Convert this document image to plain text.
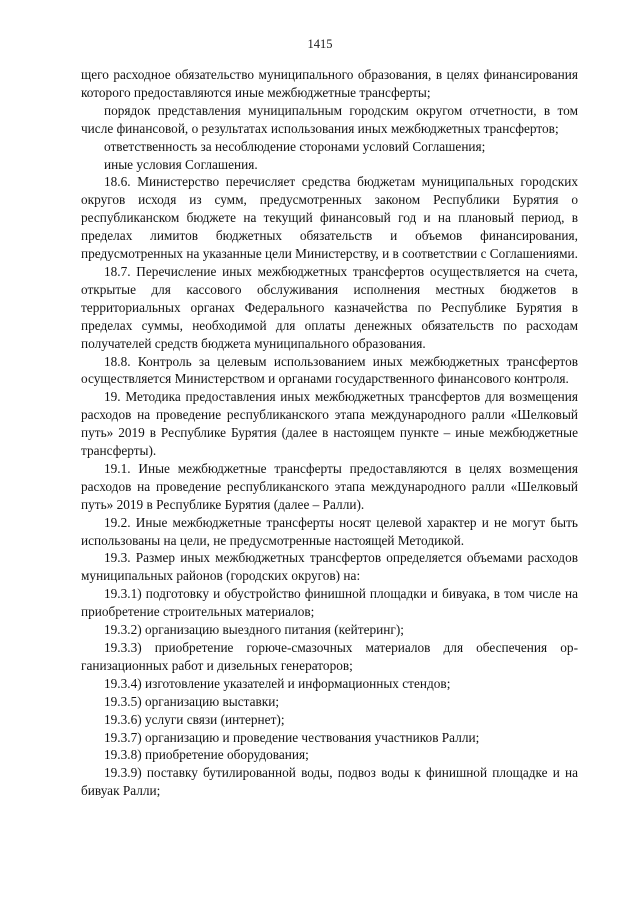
1415

щего расходное обязательство муниципального образования, в целях финансирования которого предоставляются иные межбюджетные трансферты;

порядок представления муниципальным городским округом отчетности, в том числе финансовой, о результатах использования иных межбюджетных трансфертов;

ответственность за несоблюдение сторонами условий Соглашения;

иные условия Соглашения.

18.6. Министерство перечисляет средства бюджетам муниципальных городских округов исходя из сумм, предусмотренных законом Республики Бурятия о республиканском бюджете на текущий финансовый год и на плановый период, в пределах лимитов бюджетных обязательств и объемов финансирования, предусмотренных на указанные цели Министерству, и в соответствии с Соглашениями.

18.7. Перечисление иных межбюджетных трансфертов осуществляется на счета, открытые для кассового обслуживания исполнения местных бюджетов в территориальных органах Федерального казначейства по Республике Бурятия в пределах суммы, необходимой для оплаты денежных обязательств по расходам получателей средств бюджета муниципального образования.

18.8. Контроль за целевым использованием иных межбюджетных трансфертов осуществляется Министерством и органами государственного финансового контроля.

19. Методика предоставления иных межбюджетных трансфертов для возмещения расходов на проведение республиканского этапа международного ралли «Шелковый путь» 2019 в Республике Бурятия (далее в настоящем пункте – иные межбюджетные трансферты).

19.1. Иные межбюджетные трансферты предоставляются в целях возмещения расходов на проведение республиканского этапа международного ралли «Шелковый путь» 2019 в Республике Бурятия (далее – Ралли).

19.2. Иные межбюджетные трансферты носят целевой характер и не могут быть использованы на цели, не предусмотренные настоящей Методикой.

19.3. Размер иных межбюджетных трансфертов определяется объемами расходов муниципальных районов (городских округов) на:

19.3.1) подготовку и обустройство финишной площадки и бивуака, в том числе на приобретение строительных материалов;

19.3.2) организацию выездного питания (кейтеринг);

19.3.3) приобретение горюче-смазочных материалов для обеспечения организационных работ и дизельных генераторов;

19.3.4) изготовление указателей и информационных стендов;

19.3.5) организацию выставки;

19.3.6) услуги связи (интернет);

19.3.7) организацию и проведение чествования участников Ралли;

19.3.8) приобретение оборудования;

19.3.9) поставку бутилированной воды, подвоз воды к финишной площадке и на бивуак Ралли;
